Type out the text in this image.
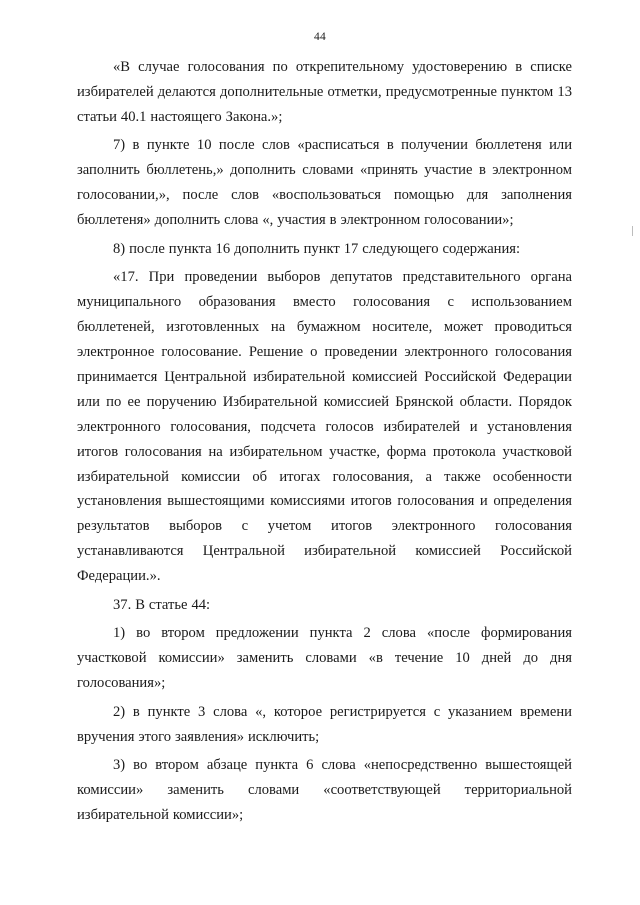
44

«В случае голосования по открепительному удостоверению в списке избирателей делаются дополнительные отметки, предусмотренные пунктом 13 статьи 40.1 настоящего Закона.»;

7) в пункте 10 после слов «расписаться в получении бюллетеня или заполнить бюллетень,» дополнить словами «принять участие в электронном голосовании,», после слов «воспользоваться помощью для заполнения бюллетеня» дополнить слова «, участия в электронном голосовании»;

8) после пункта 16 дополнить пункт 17 следующего содержания:

«17. При проведении выборов депутатов представительного органа муниципального образования вместо голосования с использованием бюллетеней, изготовленных на бумажном носителе, может проводиться электронное голосование. Решение о проведении электронного голосования принимается Центральной избирательной комиссией Российской Федерации или по ее поручению Избирательной комиссией Брянской области. Порядок электронного голосования, подсчета голосов избирателей и установления итогов голосования на избирательном участке, форма протокола участковой избирательной комиссии об итогах голосования, а также особенности установления вышестоящими комиссиями итогов голосования и определения результатов выборов с учетом итогов электронного голосования устанавливаются Центральной избирательной комиссией Российской Федерации.».

37. В статье 44:

1) во втором предложении пункта 2 слова «после формирования участковой комиссии» заменить словами «в течение 10 дней до дня голосования»;

2) в пункте 3 слова «, которое регистрируется с указанием времени вручения этого заявления» исключить;

3) во втором абзаце пункта 6 слова «непосредственно вышестоящей комиссии» заменить словами «соответствующей территориальной избирательной комиссии»;
